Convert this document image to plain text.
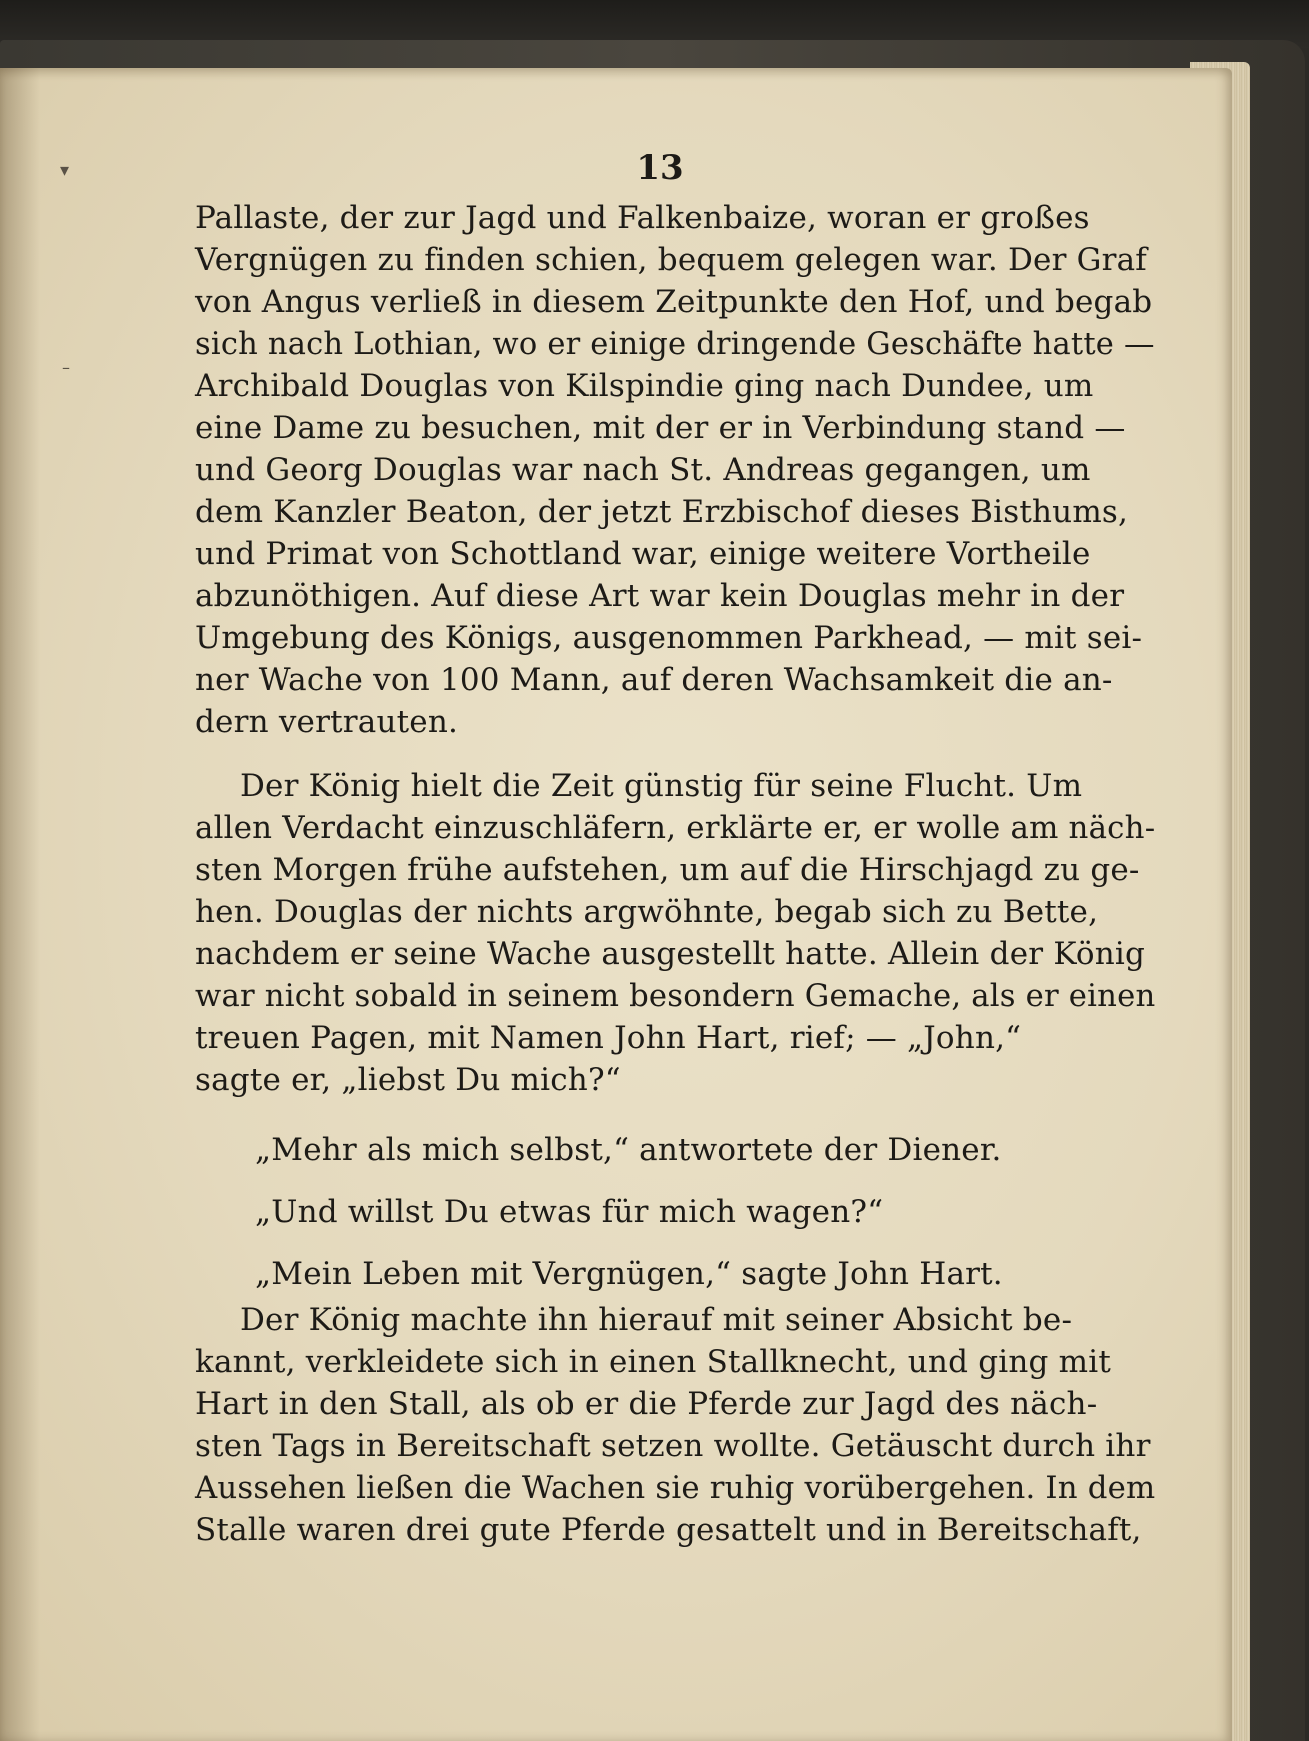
▾
–
13
Pallaste, der zur Jagd und Falkenbaize, woran er großes
Vergnügen zu finden schien, bequem gelegen war. Der Graf
von Angus verließ in diesem Zeitpunkte den Hof, und begab
sich nach Lothian, wo er einige dringende Geschäfte hatte —
Archibald Douglas von Kilspindie ging nach Dundee, um
eine Dame zu besuchen, mit der er in Verbindung stand —
und Georg Douglas war nach St. Andreas gegangen, um
dem Kanzler Beaton, der jetzt Erzbischof dieses Bisthums,
und Primat von Schottland war, einige weitere Vortheile
abzunöthigen. Auf diese Art war kein Douglas mehr in der
Umgebung des Königs, ausgenommen Parkhead, — mit sei-
ner Wache von 100 Mann, auf deren Wachsamkeit die an-
dern vertrauten.
Der König hielt die Zeit günstig für seine Flucht. Um
allen Verdacht einzuschläfern, erklärte er, er wolle am näch-
sten Morgen frühe aufstehen, um auf die Hirschjagd zu ge-
hen. Douglas der nichts argwöhnte, begab sich zu Bette,
nachdem er seine Wache ausgestellt hatte. Allein der König
war nicht sobald in seinem besondern Gemache, als er einen
treuen Pagen, mit Namen John Hart, rief; — „John,“
sagte er, „liebst Du mich?“
„Mehr als mich selbst,“ antwortete der Diener.
„Und willst Du etwas für mich wagen?“
„Mein Leben mit Vergnügen,“ sagte John Hart.
Der König machte ihn hierauf mit seiner Absicht be-
kannt, verkleidete sich in einen Stallknecht, und ging mit
Hart in den Stall, als ob er die Pferde zur Jagd des näch-
sten Tags in Bereitschaft setzen wollte. Getäuscht durch ihr
Aussehen ließen die Wachen sie ruhig vorübergehen. In dem
Stalle waren drei gute Pferde gesattelt und in Bereitschaft,
